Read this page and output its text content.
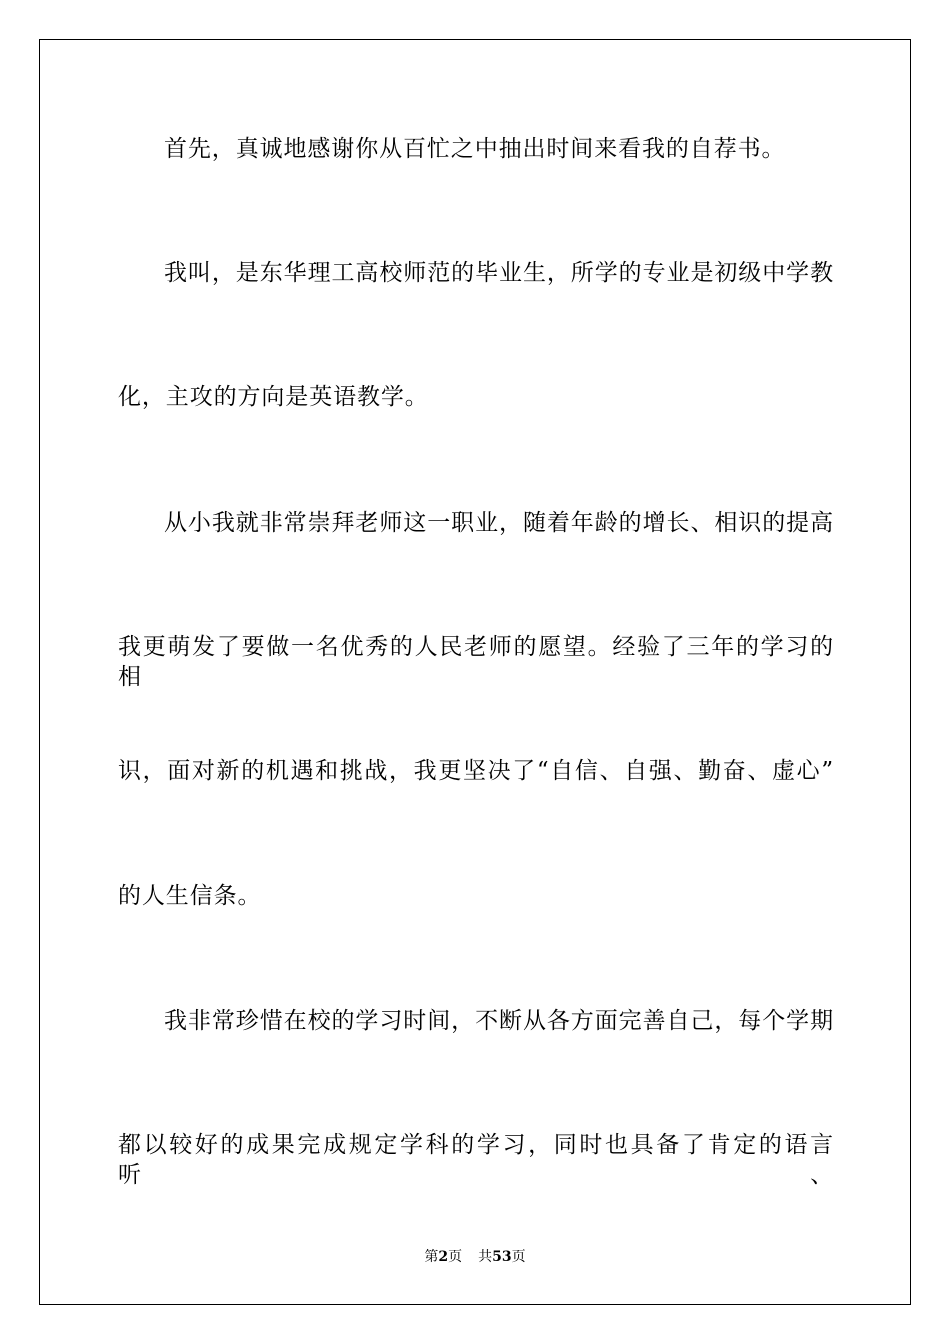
首先，真诚地感谢你从百忙之中抽出时间来看我的自荐书。
我叫，是东华理工高校师范的毕业生，所学的专业是初级中学教
化，主攻的方向是英语教学。
从小我就非常崇拜老师这一职业，随着年龄的增长、相识的提高
我更萌发了要做一名优秀的人民老师的愿望。经验了三年的学习的相
识，面对新的机遇和挑战，我更坚决了“自信、自强、勤奋、虚心”
的人生信条。
我非常珍惜在校的学习时间，不断从各方面完善自己，每个学期
都以较好的成果完成规定学科的学习，同时也具备了肯定的语言听、
第2页 共53页
